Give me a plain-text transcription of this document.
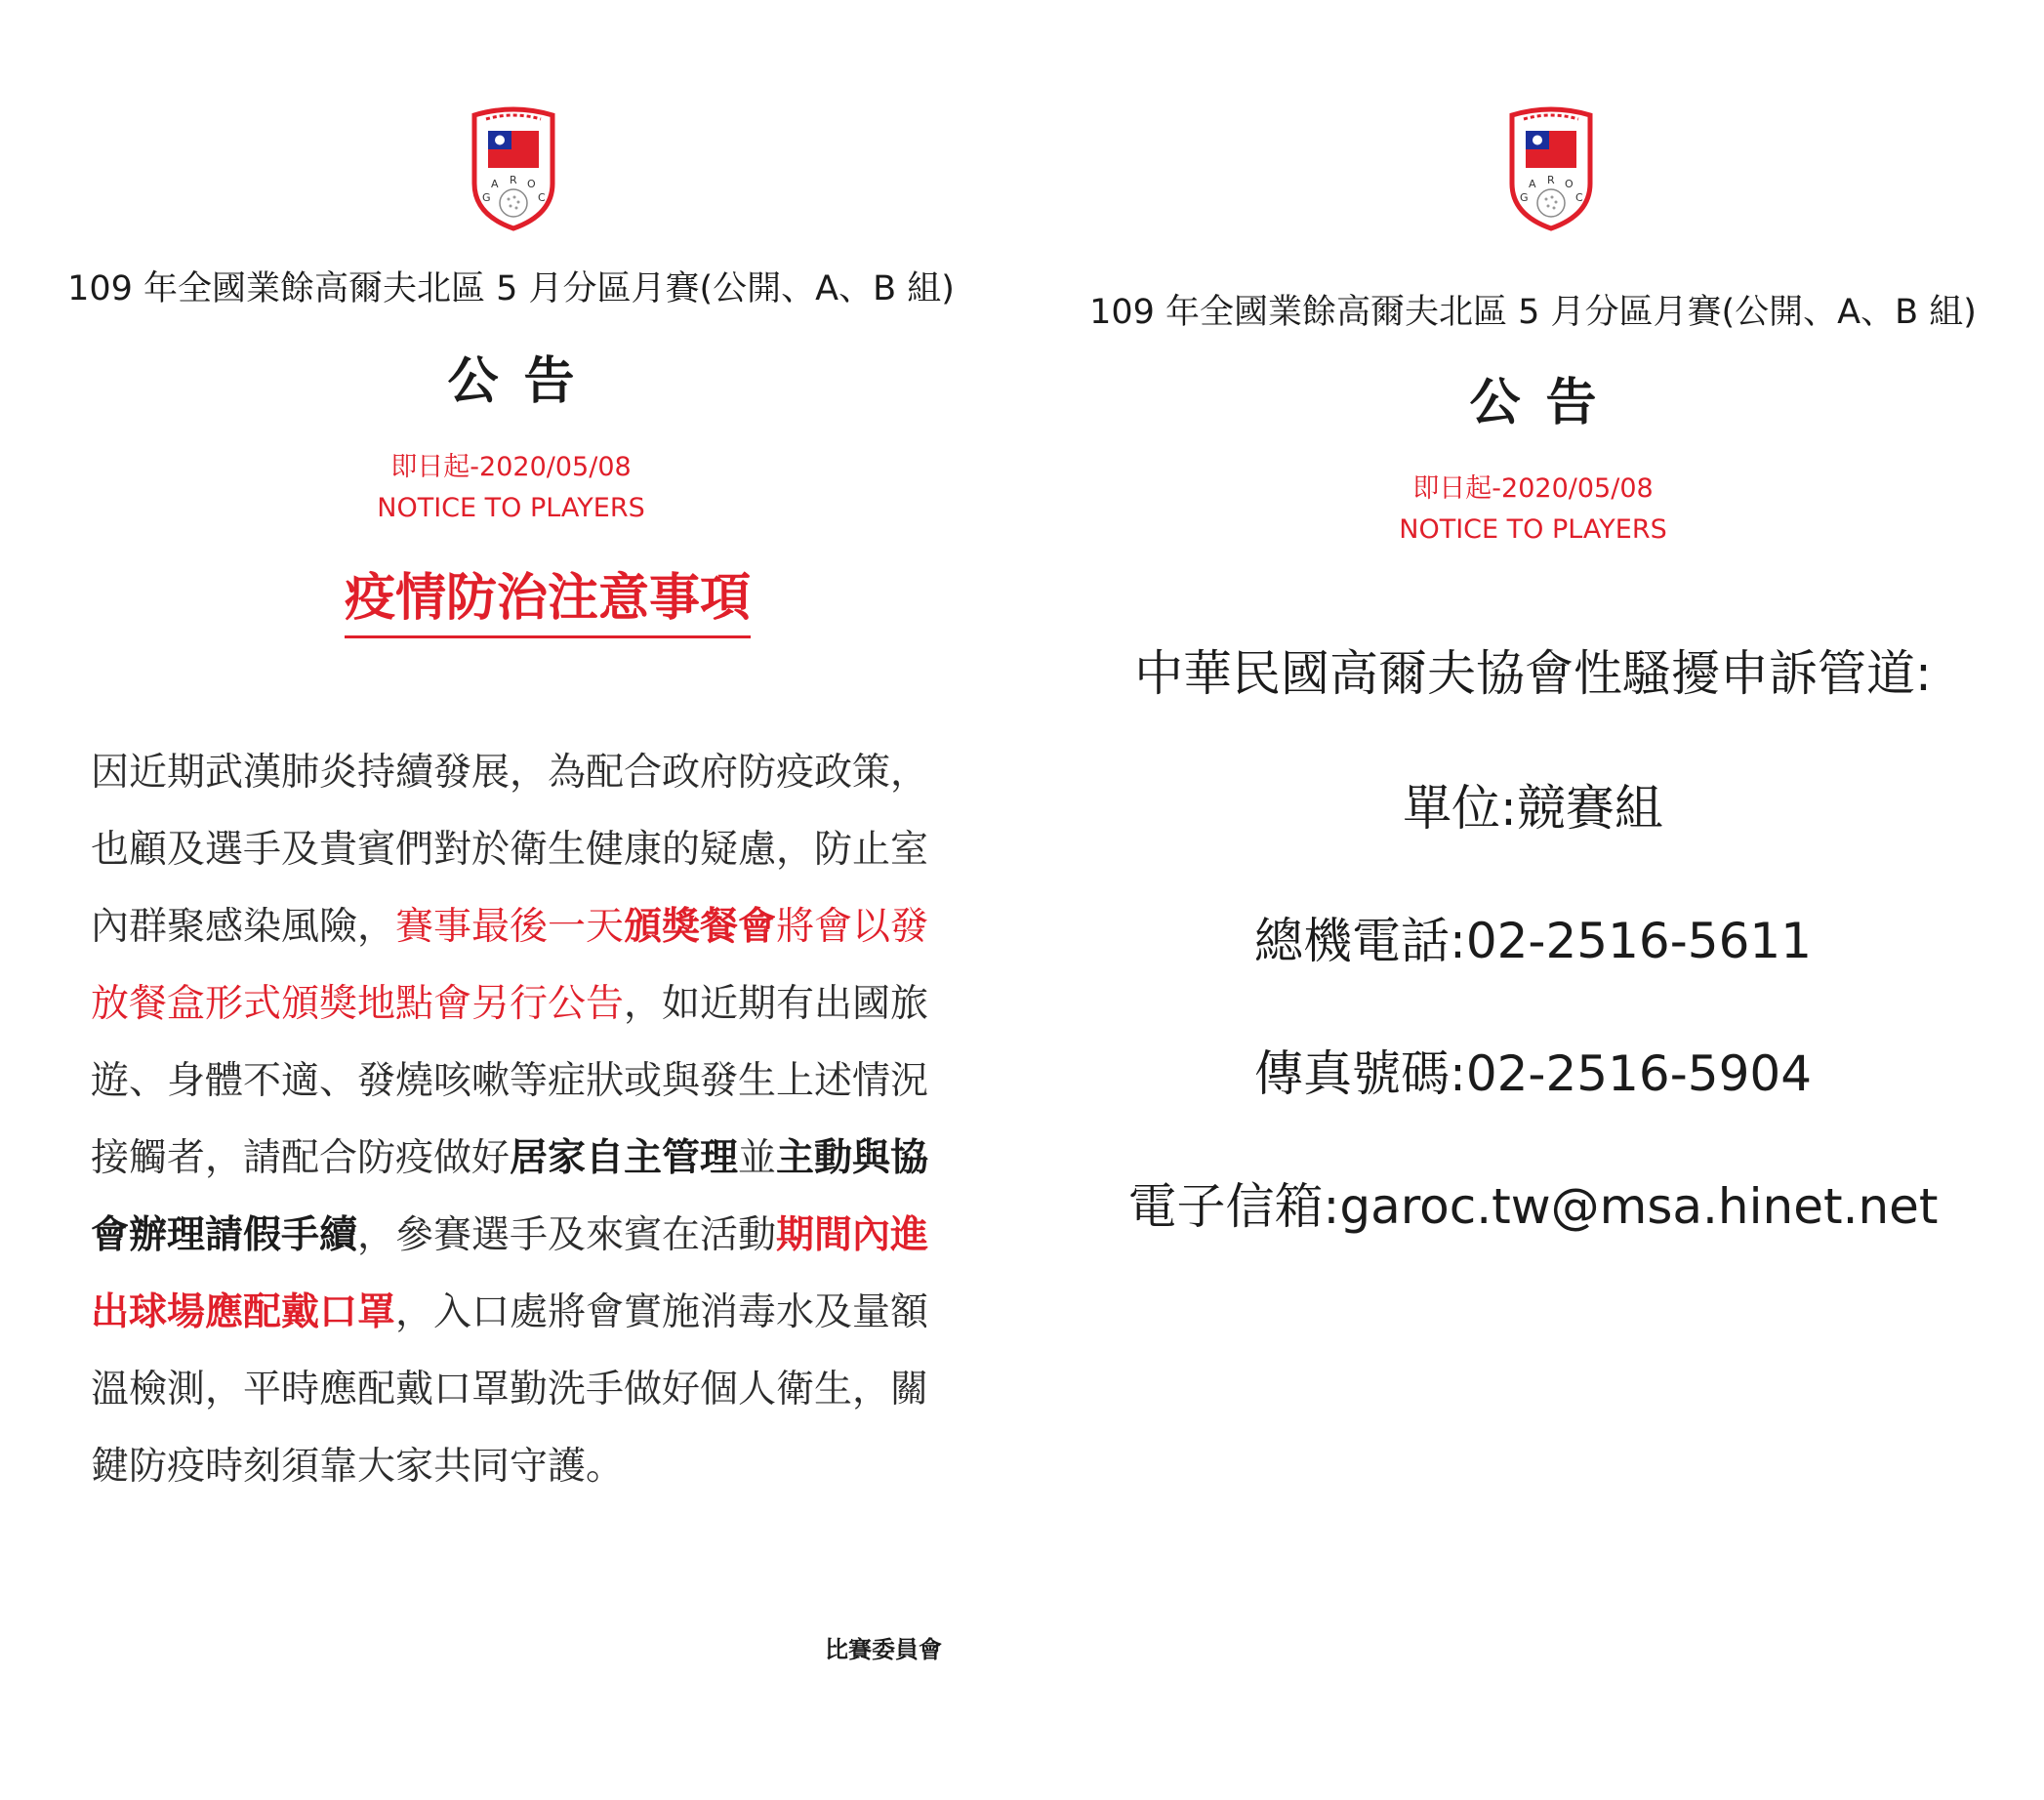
G
A R O
C
109 年全國業餘高爾夫北區 5 月分區月賽(公開、A、B 組)
公告
即日起-2020/05/08
NOTICE TO PLAYERS
疫情防治注意事項

因近期武漢肺炎持續發展，為配合政府防疫政策，也顧及選手及貴賓們對於衛生健康的疑慮，防止室內群聚感染風險，賽事最後一天頒獎餐會將會以發放餐盒形式頒獎地點會另行公告，如近期有出國旅遊、身體不適、發燒咳嗽等症狀或與發生上述情況接觸者，請配合防疫做好居家自主管理並主動與協會辦理請假手續，參賽選手及來賓在活動期間內進出球場應配戴口罩，入口處將會實施消毒水及量額溫檢測，平時應配戴口罩勤洗手做好個人衛生，關鍵防疫時刻須靠大家共同守護。

比賽委員會
G
A R O
C
109 年全國業餘高爾夫北區 5 月分區月賽(公開、A、B 組)
公告
即日起-2020/05/08
NOTICE TO PLAYERS
中華民國高爾夫協會性騷擾申訴管道:
單位:競賽組
總機電話:02-2516-5611
傳真號碼:02-2516-5904
電子信箱:garoc.tw@msa.hinet.net
